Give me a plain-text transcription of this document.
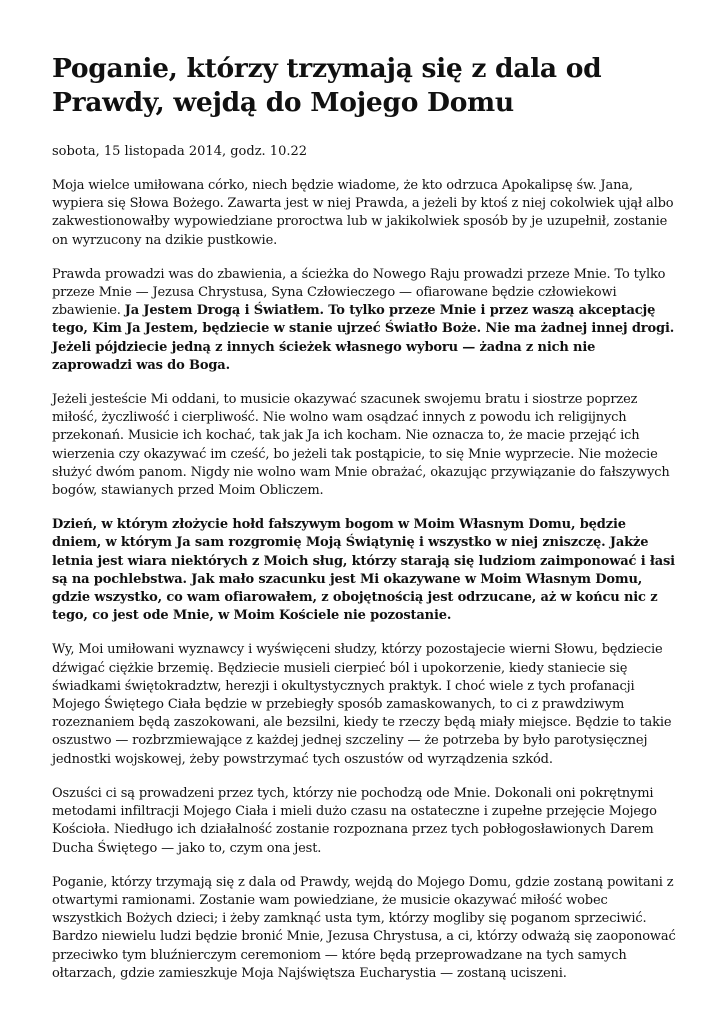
Poganie, którzy trzymają się z dala od Prawdy, wejdą do Mojego Domu
sobota, 15 listopada 2014, godz. 10.22

Moja wielce umiłowana córko, niech będzie wiadome, że kto odrzuca Apokalipsę św. Jana, wypiera się Słowa Bożego. Zawarta jest w niej Prawda, a jeżeli by ktoś z niej cokolwiek ujął albo zakwestionowałby wypowiedziane proroctwa lub w jakikolwiek sposób by je uzupełnił, zostanie on wyrzucony na dzikie pustkowie.

Prawda prowadzi was do zbawienia, a ścieżka do Nowego Raju prowadzi przeze Mnie. To tylko przeze Mnie — Jezusa Chrystusa, Syna Człowieczego — ofiarowane będzie człowiekowi zbawienie. Ja Jestem Drogą i Światłem. To tylko przeze Mnie i przez waszą akceptację tego, Kim Ja Jestem, będziecie w stanie ujrzeć Światło Boże. Nie ma żadnej innej drogi. Jeżeli pójdziecie jedną z innych ścieżek własnego wyboru — żadna z nich nie zaprowadzi was do Boga.

Jeżeli jesteście Mi oddani, to musicie okazywać szacunek swojemu bratu i siostrze poprzez miłość, życzliwość i cierpliwość. Nie wolno wam osądzać innych z powodu ich religijnych przekonań. Musicie ich kochać, tak jak Ja ich kocham. Nie oznacza to, że macie przejąć ich wierzenia czy okazywać im cześć, bo jeżeli tak postąpicie, to się Mnie wyprzecie. Nie możecie służyć dwóm panom. Nigdy nie wolno wam Mnie obrażać, okazując przywiązanie do fałszywych bogów, stawianych przed Moim Obliczem.

Dzień, w którym złożycie hołd fałszywym bogom w Moim Własnym Domu, będzie dniem, w którym Ja sam rozgromię Moją Świątynię i wszystko w niej zniszczę. Jakże letnia jest wiara niektórych z Moich sług, którzy starają się ludziom zaimponować i łasi są na pochlebstwa. Jak mało szacunku jest Mi okazywane w Moim Własnym Domu, gdzie wszystko, co wam ofiarowałem, z obojętnością jest odrzucane, aż w końcu nic z tego, co jest ode Mnie, w Moim Kościele nie pozostanie.

Wy, Moi umiłowani wyznawcy i wyświęceni słudzy, którzy pozostajecie wierni Słowu, będziecie dźwigać ciężkie brzemię. Będziecie musieli cierpieć ból i upokorzenie, kiedy staniecie się świadkami świętokradztw, herezji i okultystycznych praktyk. I choć wiele z tych profanacji Mojego Świętego Ciała będzie w przebiegły sposób zamaskowanych, to ci z prawdziwym rozeznaniem będą zaszokowani, ale bezsilni, kiedy te rzeczy będą miały miejsce. Będzie to takie oszustwo — rozbrzmiewające z każdej jednej szczeliny — że potrzeba by było parotysięcznej jednostki wojskowej, żeby powstrzymać tych oszustów od wyrządzenia szkód.

Oszuści ci są prowadzeni przez tych, którzy nie pochodzą ode Mnie. Dokonali oni pokrętnymi metodami infiltracji Mojego Ciała i mieli dużo czasu na ostateczne i zupełne przejęcie Mojego Kościoła. Niedługo ich działalność zostanie rozpoznana przez tych pobłogosławionych Darem Ducha Świętego — jako to, czym ona jest.

Poganie, którzy trzymają się z dala od Prawdy, wejdą do Mojego Domu, gdzie zostaną powitani z otwartymi ramionami. Zostanie wam powiedziane, że musicie okazywać miłość wobec wszystkich Bożych dzieci; i żeby zamknąć usta tym, którzy mogliby się poganom sprzeciwić. Bardzo niewielu ludzi będzie bronić Mnie, Jezusa Chrystusa, a ci, którzy odważą się zaoponować przeciwko tym bluźnierczym ceremoniom — które będą przeprowadzane na tych samych ołtarzach, gdzie zamieszkuje Moja Najświętsza Eucharystia — zostaną uciszeni.
